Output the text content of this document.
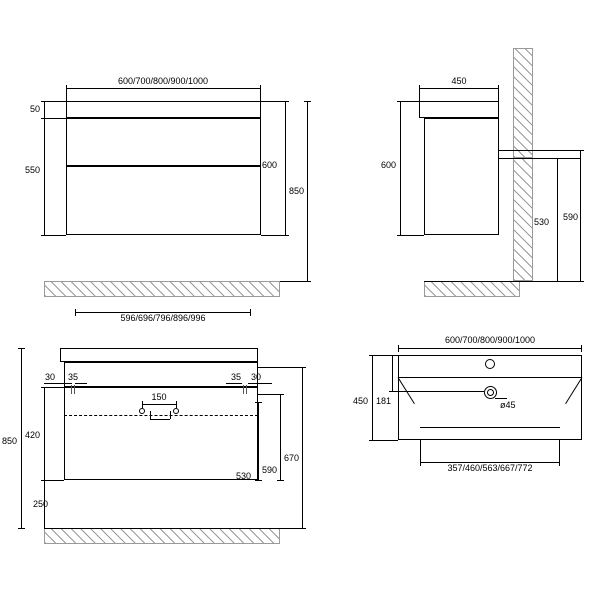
600/700/800/900/1000
50
550	600
850
596/696/796/896/996
450
600
530 590
30 35	35 30
150
850
420
250
530
590
670
600/700/800/900/1000
ø45
450 181
357/460/563/667/772
